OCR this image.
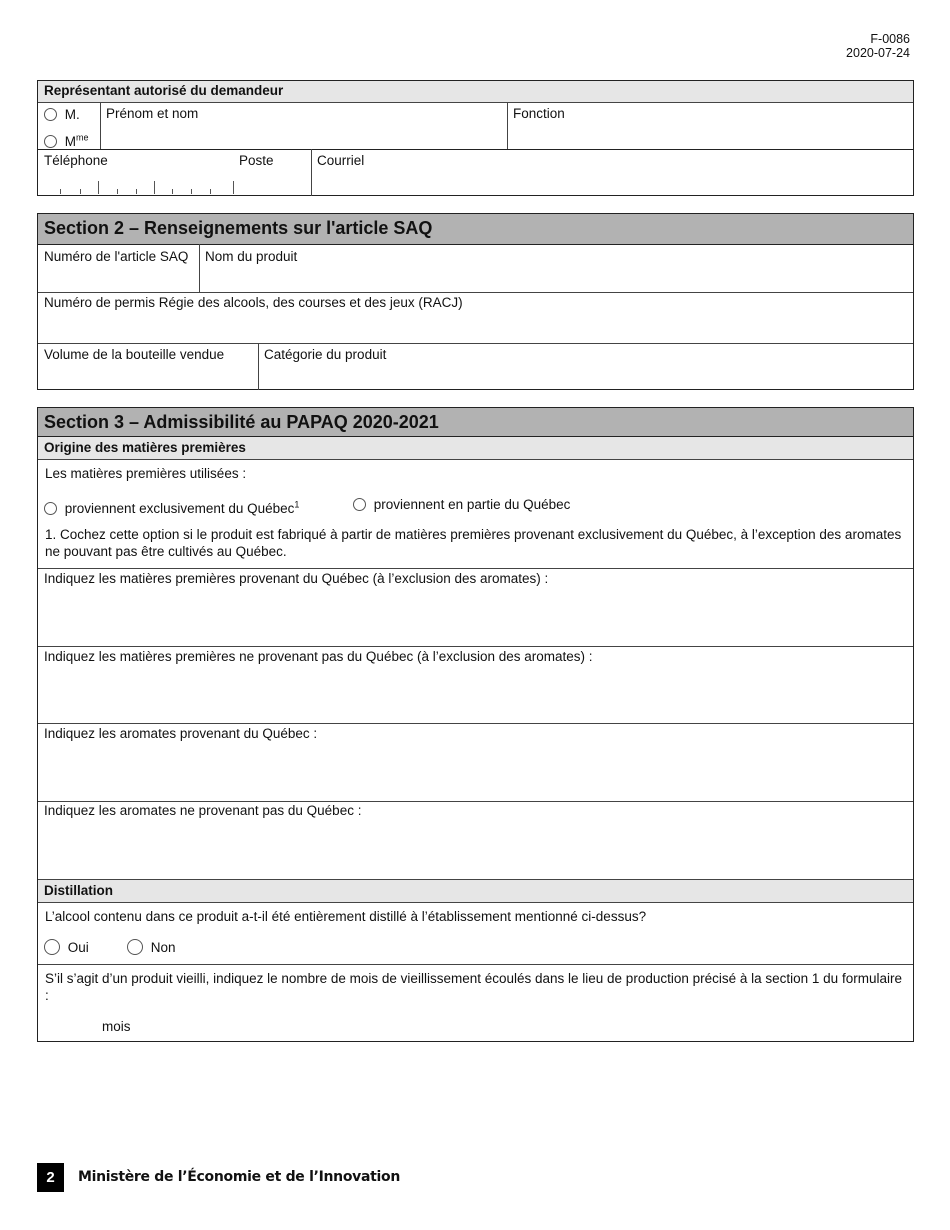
F-0086
2020-07-24
Représentant autorisé du demandeur
M.
$M^{me}$
Prénom et nom	Fonction
Téléphone	Poste	Courriel
Section 2 – Renseignements sur l'article SAQ
Numéro de l'article SAQ Nom du produit
Numéro de permis Régie des alcools, des courses et des jeux (RACJ)
Volume de la bouteille vendue	Catégorie du produit
Section 3 – Admissibilité au PAPAQ 2020-2021
Origine des matières premières
Les matières premières utilisées :
proviennent exclusivement du Québec$^1$	proviennent en partie du Québec
1. Cochez cette option si le produit est fabriqué à partir de matières premières provenant exclusivement du Québec, à l’exception des aromates ne pouvant pas être cultivés au Québec.
Indiquez les matières premières provenant du Québec (à l’exclusion des aromates) :
Indiquez les matières premières ne provenant pas du Québec (à l’exclusion des aromates) :
Indiquez les aromates provenant du Québec :
Indiquez les aromates ne provenant pas du Québec :
Distillation
L’alcool contenu dans ce produit a-t-il été entièrement distillé à l’établissement mentionné ci-dessus?
Oui	Non
S’il s’agit d’un produit vieilli, indiquez le nombre de mois de vieillissement écoulés dans le lieu de production précisé à la section 1 du formulaire :
mois
2	Ministère de l’Économie et de l’Innovation
